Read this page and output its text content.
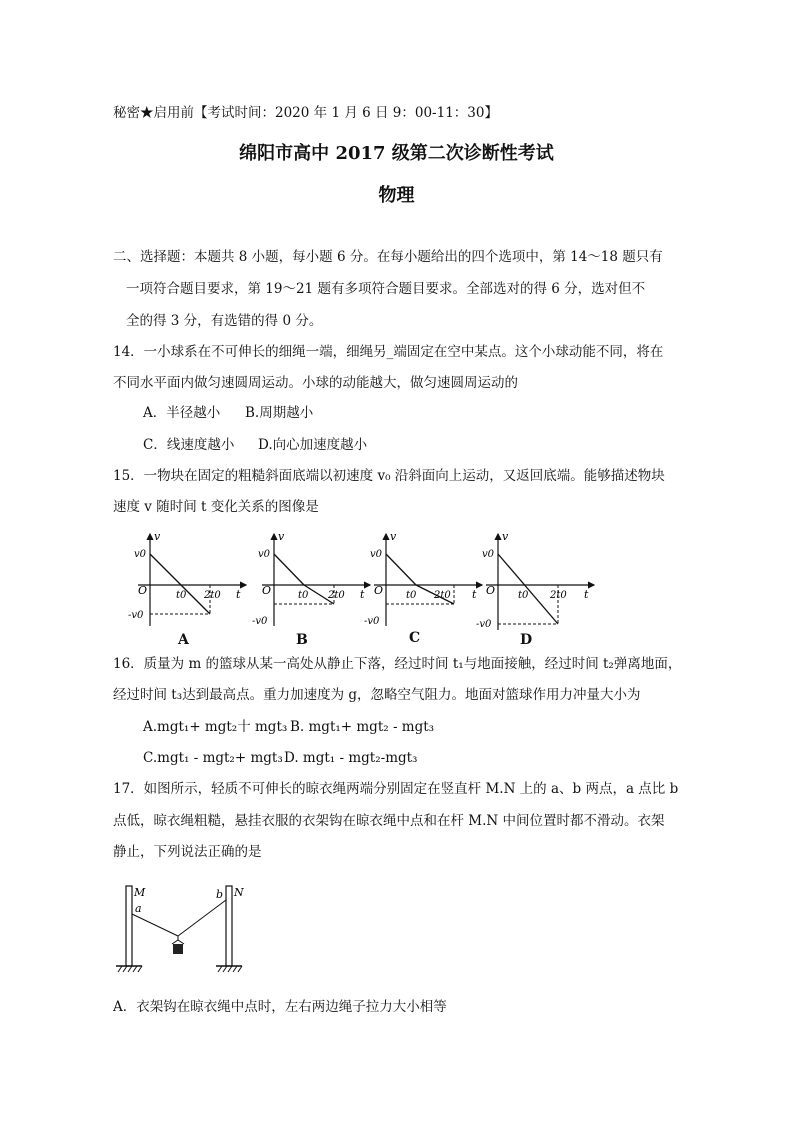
秘密★启用前【考试时间：2020 年 1 月 6 日 9：00-11：30】
绵阳市高中 2017 级第二次诊断性考试
物理
二、选择题：本题共 8 小题，每小题 6 分。在每小题给出的四个选项中，第 14～18 题只有
一项符合题目要求，第 19～21 题有多项符合题目要求。全部选对的得 6 分，选对但不
全的得 3 分，有选错的得 0 分。
14．一小球系在不可伸长的细绳一端，细绳另_端固定在空中某点。这个小球动能不同，将在
不同水平面内做匀速圆周运动。小球的动能越大，做匀速圆周运动的
A．半径越小 B.周期越小
C．线速度越小 D.向心加速度越小
15．一物块在固定的粗糙斜面底端以初速度 v₀ 沿斜面向上运动，又返回底端。能够描述物块
速度 v 随时间 t 变化关系的图像是
v
t
O
v0
-v0
t0 2t0
A
v
t
O
v0
-v0
t0 2t0
B
v
t
O
v0
-v0
t0 2t0
C
v
t
O
v0
-v0
t0 2t0
D
16．质量为 m 的篮球从某一高处从静止下落，经过时间 t₁与地面接触，经过时间 t₂弹离地面，
经过时间 t₃达到最高点。重力加速度为 g，忽略空气阻力。地面对篮球作用力冲量大小为
A.mgt₁+ mgt₂十 mgt₃ B. mgt₁+ mgt₂ - mgt₃
C.mgt₁ - mgt₂+ mgt₃ D. mgt₁ - mgt₂-mgt₃
17．如图所示，轻质不可伸长的晾衣绳两端分别固定在竖直杆 M.N 上的 a、b 两点，a 点比 b
点低，晾衣绳粗糙，悬挂衣服的衣架钩在晾衣绳中点和在杆 M.N 中间位置时都不滑动。衣架
静止，下列说法正确的是
M
a
b N
A．衣架钩在晾衣绳中点时，左右两边绳子拉力大小相等
